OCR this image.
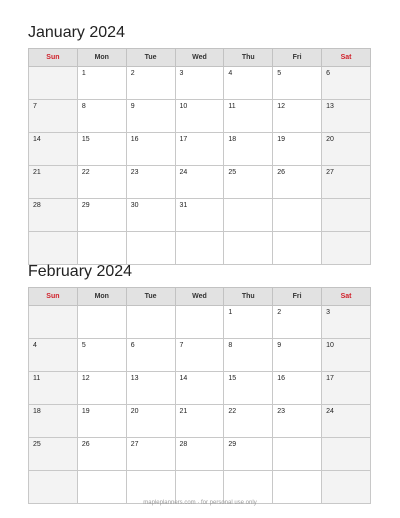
January 2024
Sun	Mon	Tue	Wed	Thu	Fri	Sat
	1	2	3	4	5	6
7	8	9	10	11	12	13
14	15	16	17	18	19	20
21	22	23	24	25	26	27
28	29	30	31			

February 2024
Sun	Mon	Tue	Wed	Thu	Fri	Sat
				1	2	3
4	5	6	7	8	9	10
11	12	13	14	15	16	17
18	19	20	21	22	23	24
25	26	27	28	29		

mapleplanners.com · for personal use only
